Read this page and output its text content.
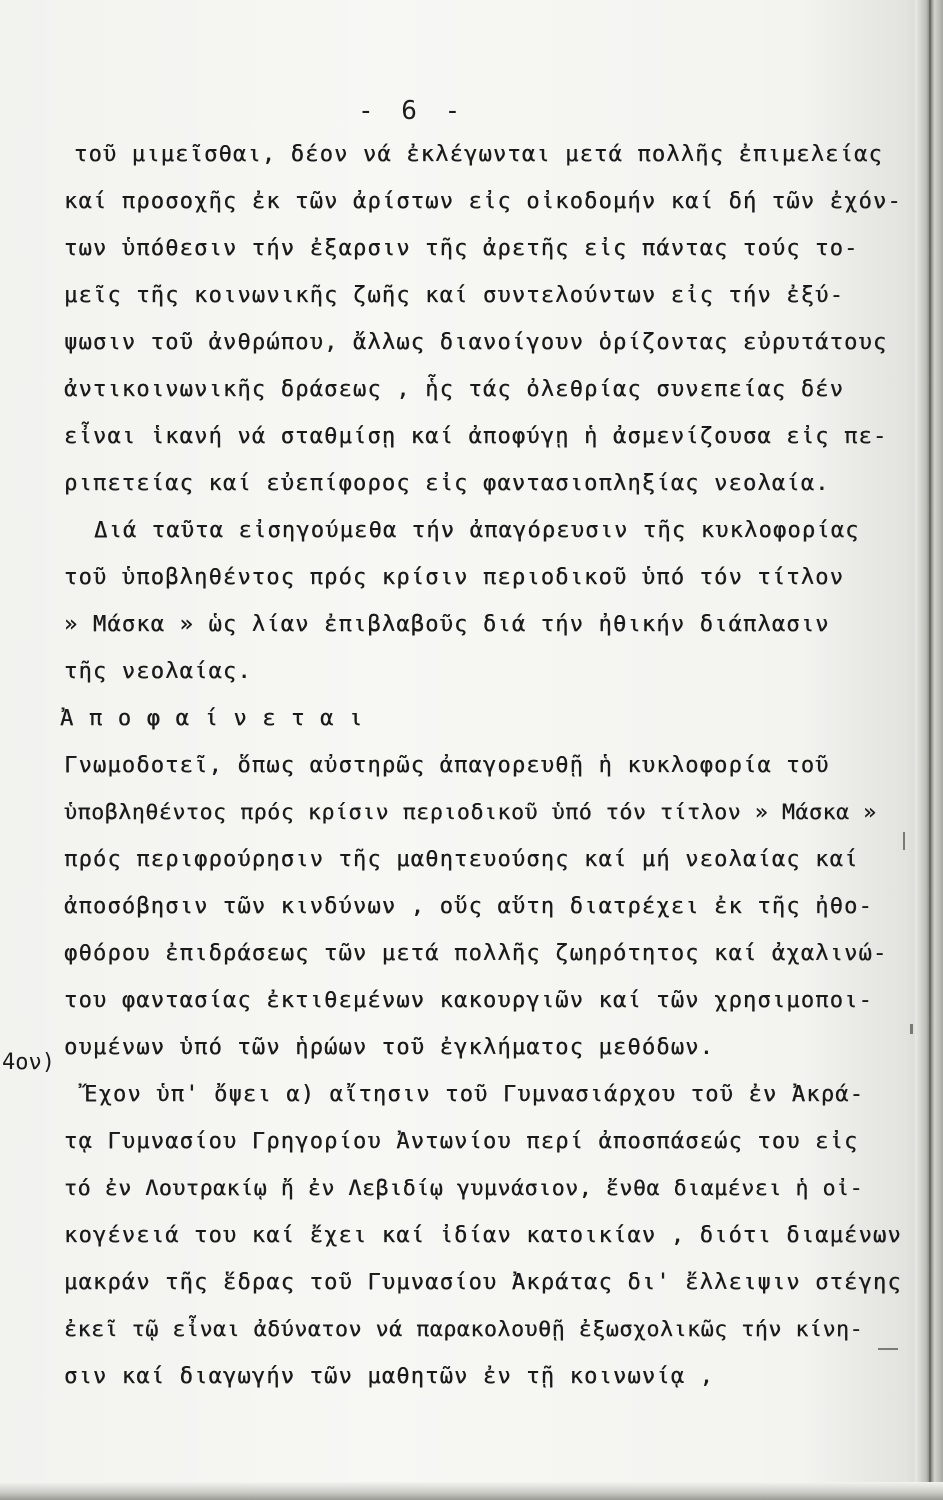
- 6 -
4ον)
τοῦ μιμεῖσθαι, δέον νά ἐκλέγωνται μετά πολλῆς ἐπιμελείας
καί προσοχῆς ἐκ τῶν ἀρίστων εἰς οἰκοδομήν καί δή τῶν ἐχόν-
των ὑπόθεσιν τήν ἐξαρσιν τῆς ἀρετῆς εἰς πάντας τούς το-
μεῖς τῆς κοινωνικῆς ζωῆς καί συντελούντων εἰς τήν ἐξύ-
ψωσιν τοῦ ἀνθρώπου, ἄλλως διανοίγουν ὁρίζοντας εὐρυτάτους
ἀντικοινωνικῆς δράσεως , ἧς τάς ὀλεθρίας συνεπείας δέν
εἶναι ἱκανή νά σταθμίσῃ καί ἀποφύγῃ ἡ ἀσμενίζουσα εἰς πε-
ριπετείας καί εὐεπίφορος εἰς φαντασιοπληξίας νεολαία.
Διά ταῦτα εἰσηγούμεθα τήν ἀπαγόρευσιν τῆς κυκλοφορίας
τοῦ ὑποβληθέντος πρός κρίσιν περιοδικοῦ ὑπό τόν τίτλον
» Μάσκα » ὡς λίαν ἐπιβλαβοῦς διά τήν ἠθικήν διάπλασιν
τῆς νεολαίας.
Ἀ π ο φ α ί ν ε τ α ι
Γνωμοδοτεῖ, ὅπως αὐστηρῶς ἀπαγορευθῇ ἡ κυκλοφορία τοῦ
ὑποβληθέντος πρός κρίσιν περιοδικοῦ ὑπό τόν τίτλον » Μάσκα »
πρός περιφρούρησιν τῆς μαθητευούσης καί μή νεολαίας καί
ἀποσόβησιν τῶν κινδύνων , οὕς αὕτη διατρέχει ἐκ τῆς ἠθο-
φθόρου ἐπιδράσεως τῶν μετά πολλῆς ζωηρότητος καί ἀχαλινώ-
του φαντασίας ἐκτιθεμένων κακουργιῶν καί τῶν χρησιμοποι-
ουμένων ὑπό τῶν ἡρώων τοῦ ἐγκλήματος μεθόδων.
Ἔχον ὑπ' ὄψει α) αἴτησιν τοῦ Γυμνασιάρχου τοῦ ἐν Ἀκρά-
τᾳ Γυμνασίου Γρηγορίου Ἀντωνίου περί ἀποσπάσεώς του εἰς
τό ἐν Λουτρακίῳ ἤ ἐν Λεβιδίῳ γυμνάσιον, ἔνθα διαμένει ἡ οἰ-
κογένειά του καί ἔχει καί ἰδίαν κατοικίαν , διότι διαμένων
μακράν τῆς ἕδρας τοῦ Γυμνασίου Ἀκράτας δι' ἔλλειψιν στέγης
ἐκεῖ τῷ εἶναι ἀδύνατον νά παρακολουθῇ ἐξωσχολικῶς τήν κίνη-
σιν καί διαγωγήν τῶν μαθητῶν ἐν τῇ κοινωνίᾳ ,
